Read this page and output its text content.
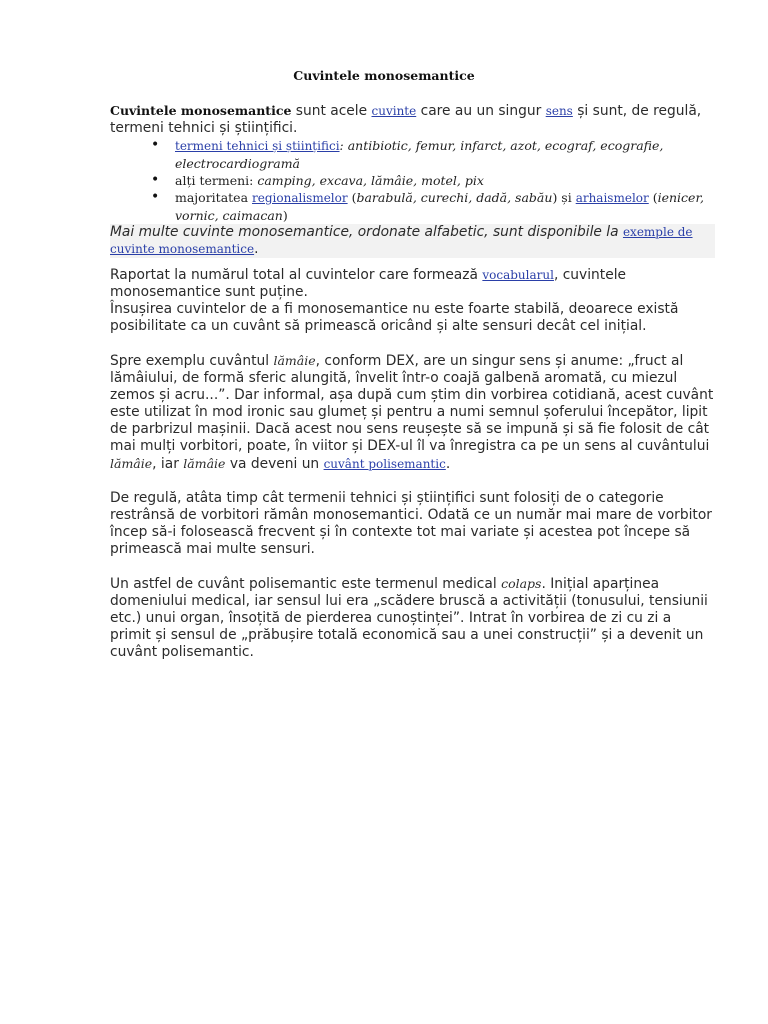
Cuvintele monosemantice

Cuvintele monosemantice sunt acele cuvinte care au un singur sens și sunt, de regulă, termeni tehnici și științifici.

• termeni tehnici și științifici: antibiotic, femur, infarct, azot, ecograf, ecografie, electrocardiogramă
• alți termeni: camping, excava, lămâie, motel, pix
• majoritatea regionalismelor (barabulă, curechi, dadă, sabău) și arhaismelor (ienicer, vornic, caimacan)
Mai multe cuvinte monosemantice, ordonate alfabetic, sunt disponibile la exemple de cuvinte monosemantice.

Raportat la numărul total al cuvintelor care formează vocabularul, cuvintele monosemantice sunt puține.

Însușirea cuvintelor de a fi monosemantice nu este foarte stabilă, deoarece există posibilitate ca un cuvânt să primească oricând și alte sensuri decât cel inițial.

Spre exemplu cuvântul lămâie, conform DEX, are un singur sens și anume: „fruct al lămâiului, de formă sferic alungită, învelit într-o coajă galbenă aromată, cu miezul zemos și acru...”. Dar informal, așa după cum știm din vorbirea cotidiană, acest cuvânt este utilizat în mod ironic sau glumeț și pentru a numi semnul șoferului începător, lipit de parbrizul mașinii. Dacă acest nou sens reușește să se impună și să fie folosit de cât mai mulți vorbitori, poate, în viitor și DEX-ul îl va înregistra ca pe un sens al cuvântului lămâie, iar lămâie va deveni un cuvânt polisemantic.

De regulă, atâta timp cât termenii tehnici și științifici sunt folosiți de o categorie restrânsă de vorbitori rămân monosemantici. Odată ce un număr mai mare de vorbitor încep să-i folosească frecvent și în contexte tot mai variate și acestea pot începe să primească mai multe sensuri.

Un astfel de cuvânt polisemantic este termenul medical colaps. Inițial aparținea domeniului medical, iar sensul lui era „scădere bruscă a activității (tonusului, tensiunii etc.) unui organ, însoțită de pierderea cunoștinței”. Intrat în vorbirea de zi cu zi a primit și sensul de „prăbușire totală economică sau a unei construcții” și a devenit un cuvânt polisemantic.
